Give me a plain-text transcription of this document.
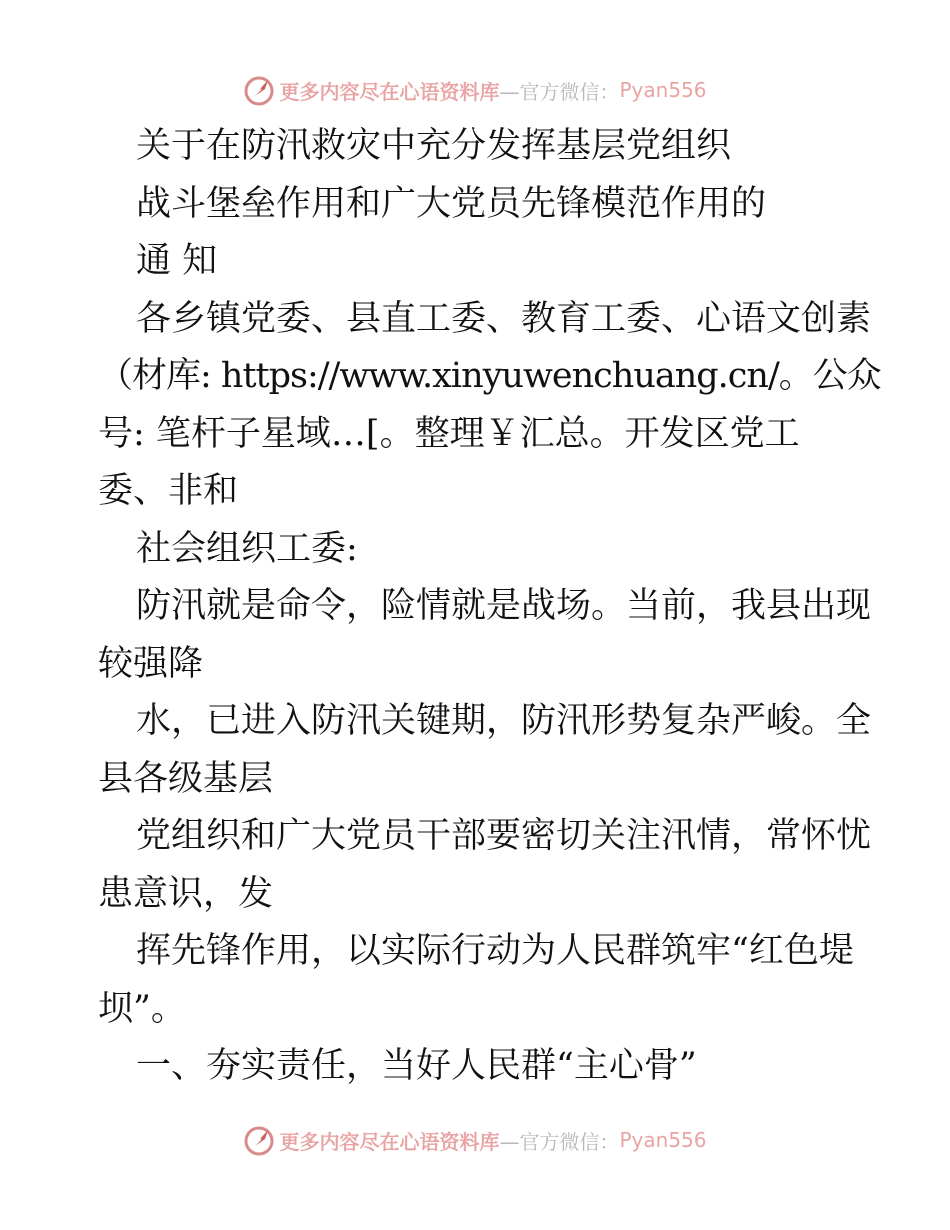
更多内容尽在心语资料库 —官方微信： Pyan556
关于在防汛救灾中充分发挥基层党组织
战斗堡垒作用和广大党员先锋模范作用的
通 知
各乡镇党委、县直工委、教育工委、心语文创素
（材库: https://www.xinyuwenchuang.cn/。公众
号: 笔杆子星域…[。整理￥汇总。开发区党工
委、非和
社会组织工委:
防汛就是命令，险情就是战场。当前，我县出现
较强降
水，已进入防汛关键期，防汛形势复杂严峻。全
县各级基层
党组织和广大党员干部要密切关注汛情，常怀忧
患意识，发
挥先锋作用，以实际行动为人民群筑牢“红色堤
坝”。
一、夯实责任，当好人民群“主心骨”
更多内容尽在心语资料库 —官方微信： Pyan556
